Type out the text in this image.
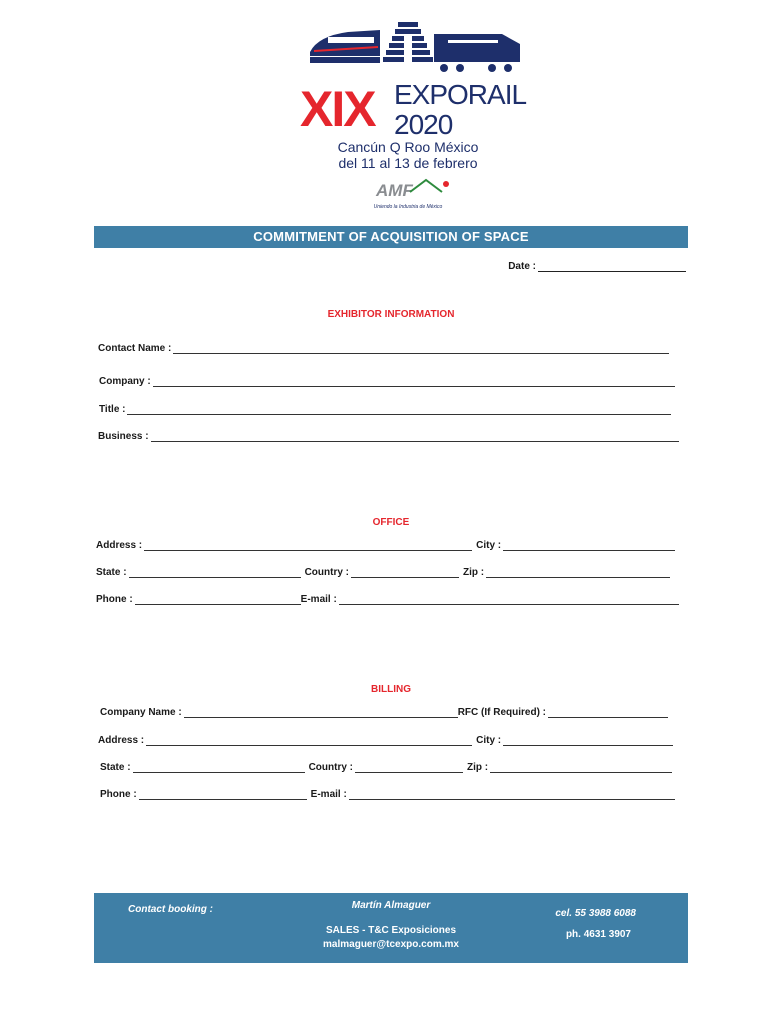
XIX EXPORAIL
2020
Cancún Q Roo México
del 11 al 13 de febrero
AMF
Uniendo la Industria de México
COMMITMENT OF ACQUISITION OF SPACE
Date :
EXHIBITOR INFORMATION
Contact Name :
Company :
Title :
Business :
OFFICE
Address :	City :
State :	Country :	Zip :
Phone :	E-mail :
BILLING
Company Name :	RFC (If Required) :
Address :	City :
State :	Country :	Zip :
Phone :	E-mail :
Contact booking :	Martín Almaguer
SALES - T&C Exposiciones
malmaguer@tcexpo.com.mx
cel. 55 3988 6088
ph. 4631 3907
